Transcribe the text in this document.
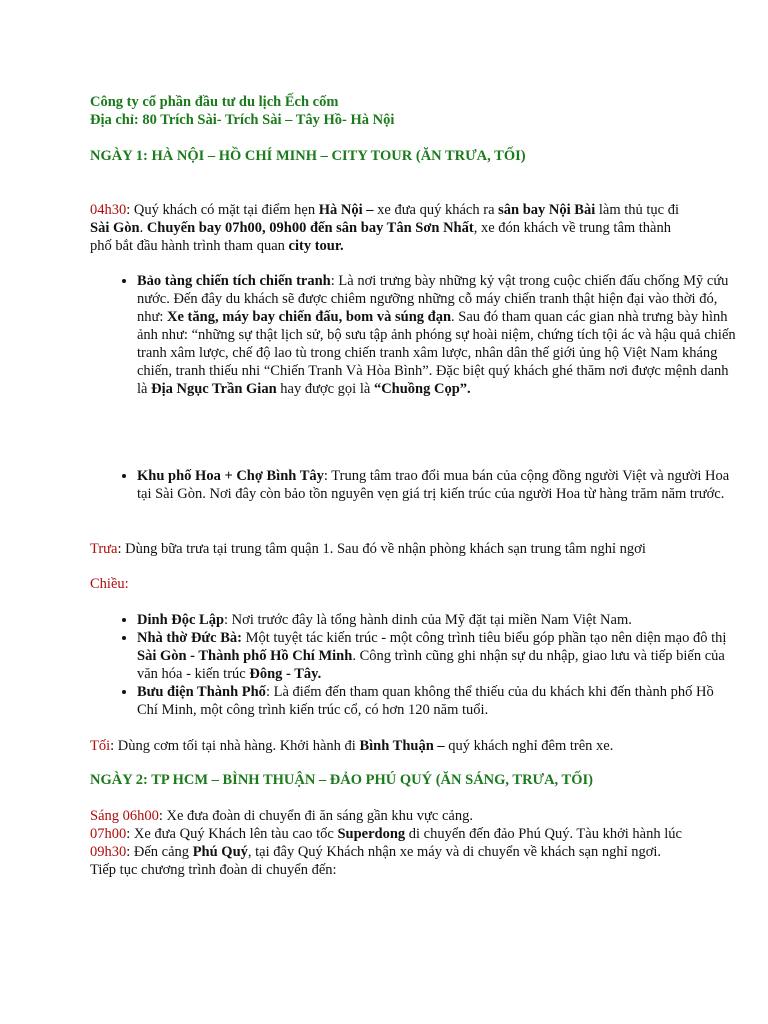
Công ty cổ phần đầu tư du lịch Ếch cốm
Địa chỉ: 80 Trích Sài- Trích Sài – Tây Hồ- Hà Nội

NGÀY 1: HÀ NỘI – HỒ CHÍ MINH – CITY TOUR (ĂN TRƯA, TỐI)

04h30: Quý khách có mặt tại điểm hẹn Hà Nội – xe đưa quý khách ra sân bay Nội Bài làm thủ tục đi Sài Gòn. Chuyến bay 07h00, 09h00 đến sân bay Tân Sơn Nhất, xe đón khách về trung tâm thành phố bắt đầu hành trình tham quan city tour.

• Bảo tàng chiến tích chiến tranh: Là nơi trưng bày những kỷ vật trong cuộc chiến đấu chống Mỹ cứu nước. Đến đây du khách sẽ được chiêm ngưỡng những cỗ máy chiến tranh thật hiện đại vào thời đó, như: Xe tăng, máy bay chiến đấu, bom và súng đạn. Sau đó tham quan các gian nhà trưng bày hình ảnh như: “những sự thật lịch sử, bộ sưu tập ảnh phóng sự hoài niệm, chứng tích tội ác và hậu quả chiến tranh xâm lược, chế độ lao tù trong chiến tranh xâm lược, nhân dân thế giới ủng hộ Việt Nam kháng chiến, tranh thiếu nhi “Chiến Tranh Và Hòa Bình”. Đặc biệt quý khách ghé thăm nơi được mệnh danh là Địa Ngục Trần Gian hay được gọi là “Chuồng Cọp”.
• Khu phố Hoa + Chợ Bình Tây: Trung tâm trao đổi mua bán của cộng đồng người Việt và người Hoa tại Sài Gòn. Nơi đây còn bảo tồn nguyên vẹn giá trị kiến trúc của người Hoa từ hàng trăm năm trước.

Trưa: Dùng bữa trưa tại trung tâm quận 1. Sau đó về nhận phòng khách sạn trung tâm nghỉ ngơi

Chiều:

• Dinh Độc Lập: Nơi trước đây là tổng hành dinh của Mỹ đặt tại miền Nam Việt Nam.
• Nhà thờ Đức Bà: Một tuyệt tác kiến trúc - một công trình tiêu biểu góp phần tạo nên diện mạo đô thị Sài Gòn - Thành phố Hồ Chí Minh. Công trình cũng ghi nhận sự du nhập, giao lưu và tiếp biến của văn hóa - kiến trúc Đông - Tây.
• Bưu điện Thành Phố: Là điểm đến tham quan không thể thiếu của du khách khi đến thành phố Hồ Chí Minh, một công trình kiến trúc cổ, có hơn 120 năm tuổi.

Tối: Dùng cơm tối tại nhà hàng. Khởi hành đi Bình Thuận – quý khách nghỉ đêm trên xe.

NGÀY 2: TP HCM – BÌNH THUẬN – ĐẢO PHÚ QUÝ (ĂN SÁNG, TRƯA, TỐI)

Sáng 06h00: Xe đưa đoàn di chuyển đi ăn sáng gần khu vực cảng.
07h00: Xe đưa Quý Khách lên tàu cao tốc Superdong di chuyển đến đảo Phú Quý. Tàu khởi hành lúc
09h30: Đến cảng Phú Quý, tại đây Quý Khách nhận xe máy và di chuyển về khách sạn nghỉ ngơi.
Tiếp tục chương trình đoàn di chuyển đến:
